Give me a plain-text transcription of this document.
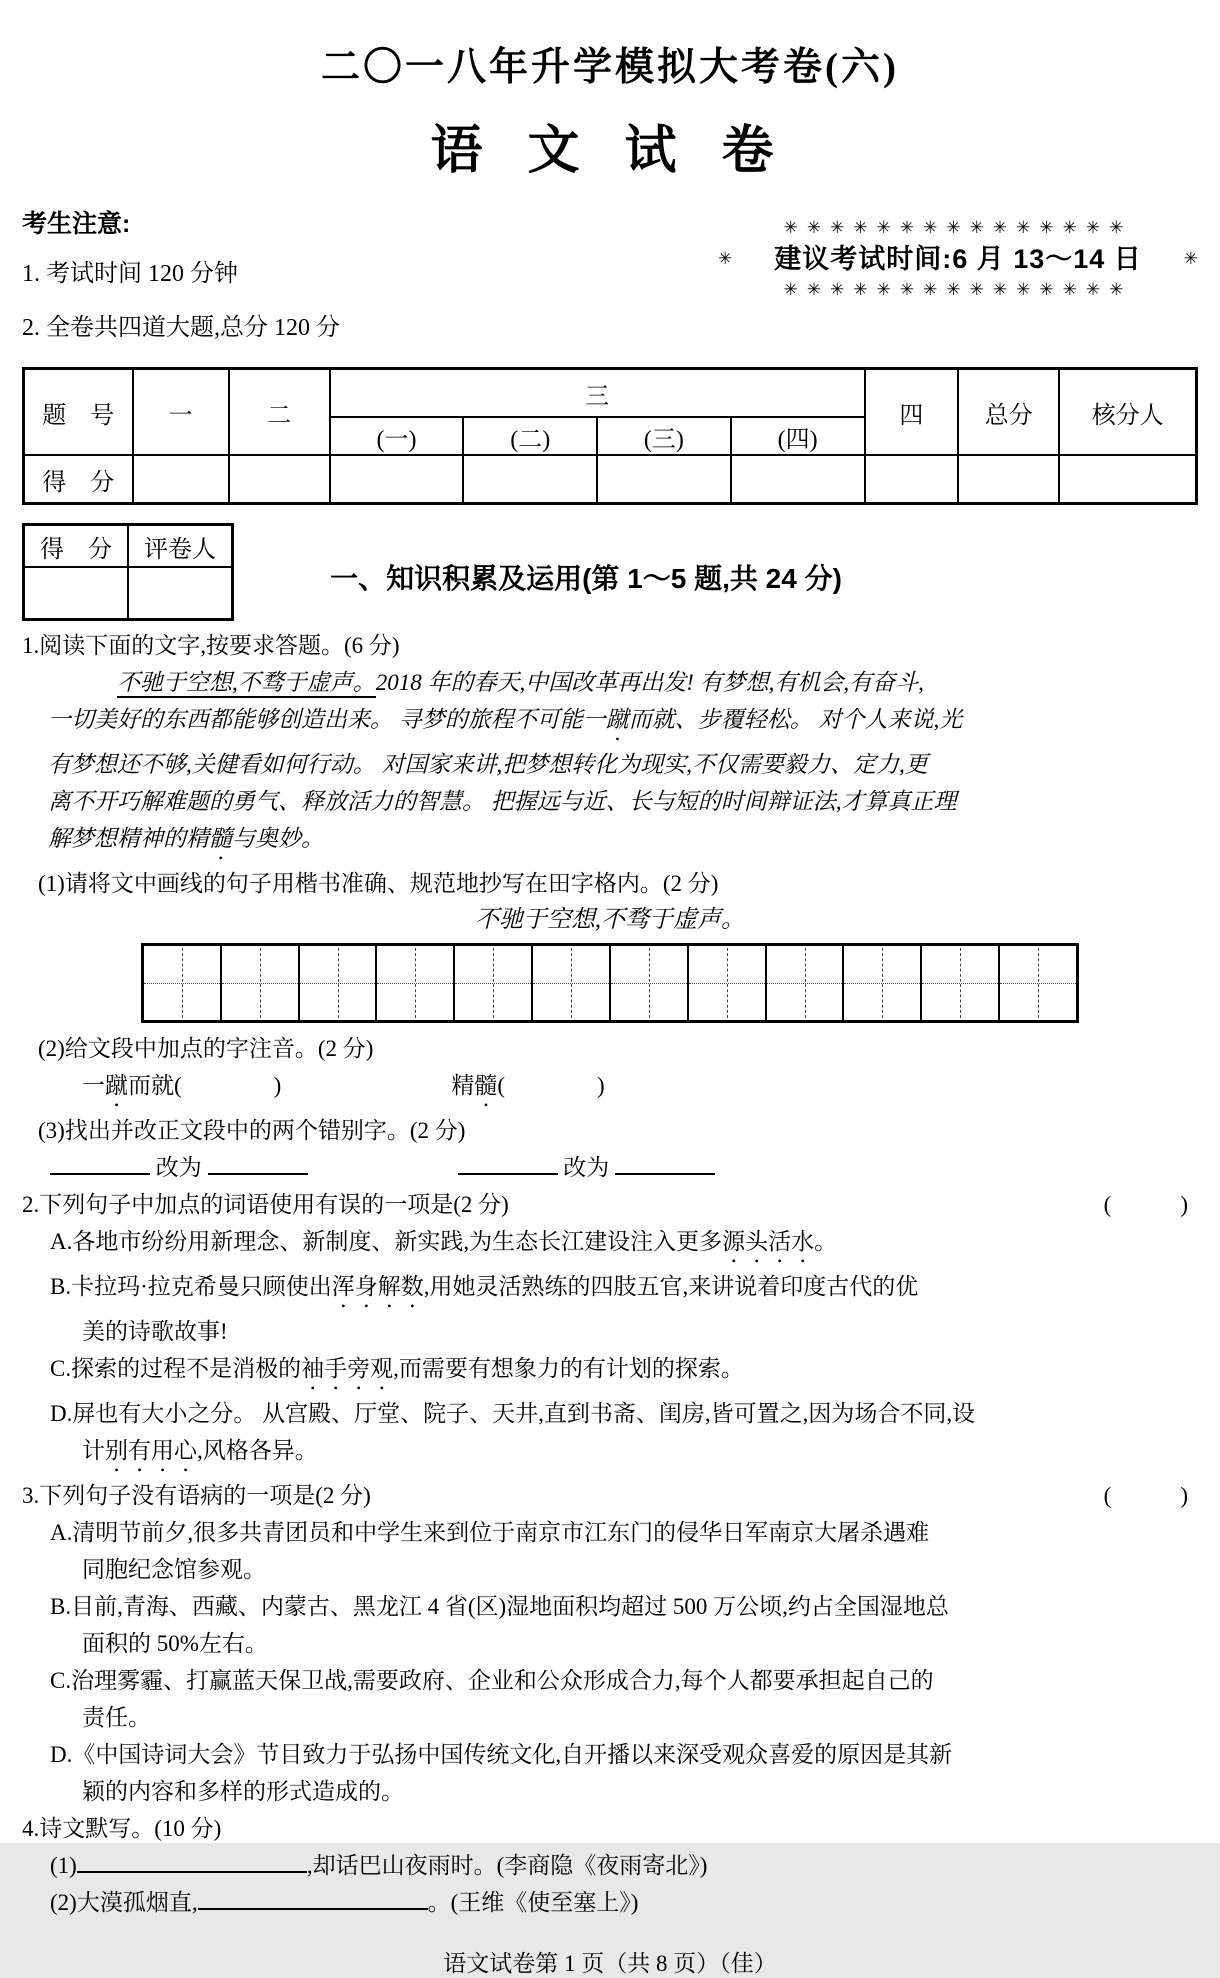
二〇一八年升学模拟大考卷(六)
语 文 试 卷
考生注意:
1. 考试时间 120 分钟
2. 全卷共四道大题,总分 120 分
✳✳✳✳✳✳✳✳✳✳✳✳✳✳✳
✳ 建议考试时间:6 月 13～14 日 ✳
✳✳✳✳✳✳✳✳✳✳✳✳✳✳✳
题　号	一	二	三				四	总分	核分人
			(一)	(二)	(三)	(四)			
得　分									
得　分	评卷人

一、知识积累及运用(第 1～5 题,共 24 分)
1.阅读下面的文字,按要求答题。(6 分)
不驰于空想,不骛于虚声。2018 年的春天,中国改革再出发! 有梦想,有机会,有奋斗,
一切美好的东西都能够创造出来。 寻梦的旅程不可能一蹴而就、步覆轻松。 对个人来说,光
有梦想还不够,关健看如何行动。 对国家来讲,把梦想转化为现实,不仅需要毅力、定力,更
离不开巧解难题的勇气、释放活力的智慧。 把握远与近、长与短的时间辩证法,才算真正理
解梦想精神的精髓与奥妙。
(1)请将文中画线的句子用楷书准确、规范地抄写在田字格内。(2 分)
不驰于空想,不骛于虚声。
(2)给文段中加点的字注音。(2 分)
一蹴而就(　　　　)	精髓(　　　　)
(3)找出并改正文段中的两个错别字。(2 分)
改为	改为
2.下列句子中加点的词语使用有误的一项是(2 分)	(　　　)
A.各地市纷纷用新理念、新制度、新实践,为生态长江建设注入更多源头活水。
B.卡拉玛·拉克希曼只顾使出浑身解数,用她灵活熟练的四肢五官,来讲说着印度古代的优
美的诗歌故事!
C.探索的过程不是消极的袖手旁观,而需要有想象力的有计划的探索。
D.屏也有大小之分。 从宫殿、厅堂、院子、天井,直到书斋、闺房,皆可置之,因为场合不同,设
计别有用心,风格各异。
3.下列句子没有语病的一项是(2 分)	(　　　)
A.清明节前夕,很多共青团员和中学生来到位于南京市江东门的侵华日军南京大屠杀遇难
同胞纪念馆参观。
B.目前,青海、西藏、内蒙古、黑龙江 4 省(区)湿地面积均超过 500 万公顷,约占全国湿地总
面积的 50%左右。
C.治理雾霾、打赢蓝天保卫战,需要政府、企业和公众形成合力,每个人都要承担起自己的
责任。
D.《中国诗词大会》节目致力于弘扬中国传统文化,自开播以来深受观众喜爱的原因是其新
颖的内容和多样的形式造成的。
4.诗文默写。(10 分)
(1)	,却话巴山夜雨时。(李商隐《夜雨寄北》)
(2)大漠孤烟直,	。(王维《使至塞上》)
语文试卷第 1 页（共 8 页）（佳）
